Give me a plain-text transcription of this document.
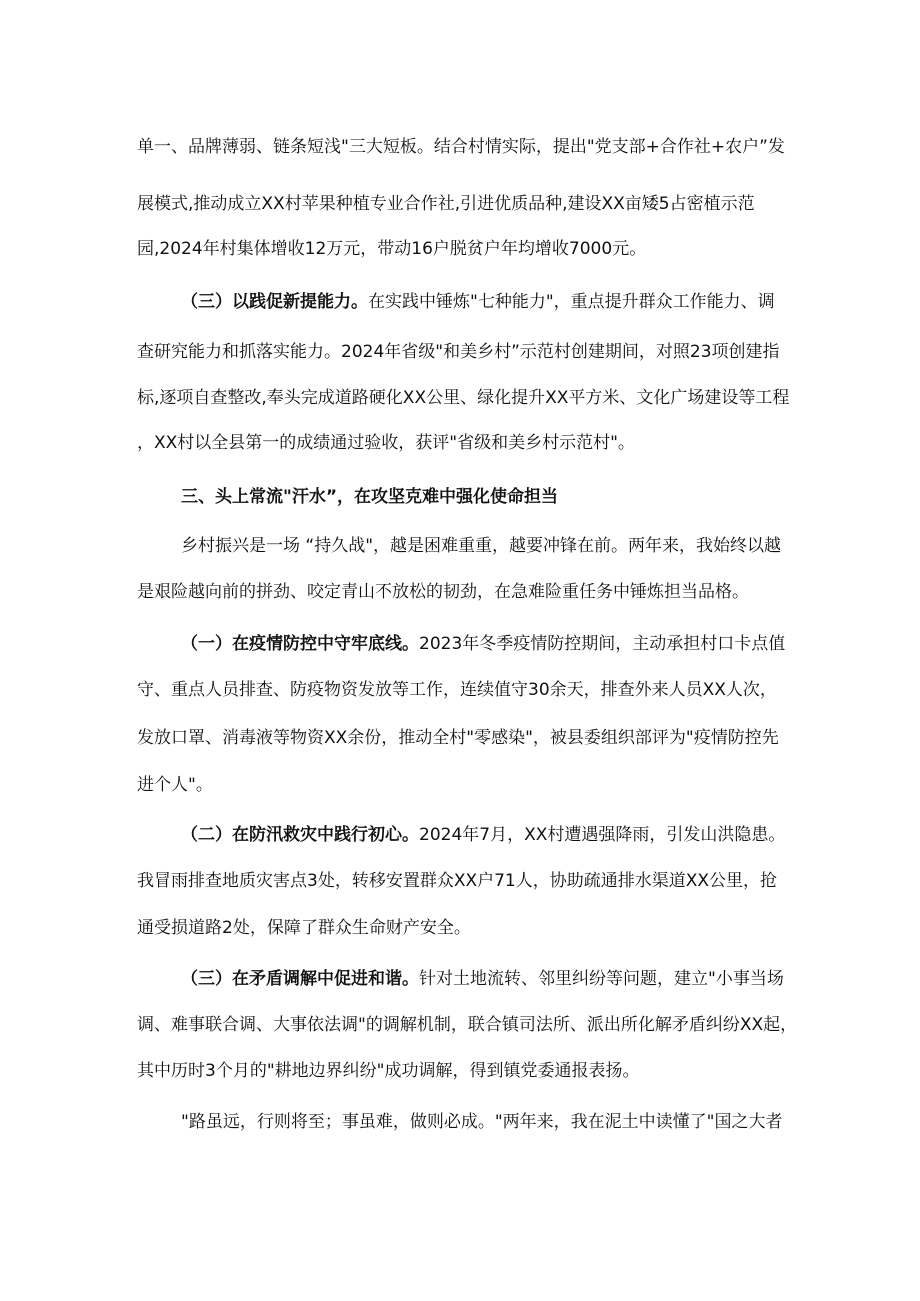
单一、品牌薄弱、链条短浅"三大短板。结合村情实际，提出"党支部+合作社+农户”发
展模式,推动成立XX村苹果种植专业合作社,引进优质品种,建设XX亩矮5占密植示范
园,2024年村集体增收12万元，带动16户脱贫户年均增收7000元。
（三）以践促新提能力。在实践中锤炼"七种能力"，重点提升群众工作能力、调
查研究能力和抓落实能力。2024年省级"和美乡村”示范村创建期间，对照23项创建指
标,逐项自查整改,奉头完成道路硬化XX公里、绿化提升XX平方米、文化广场建设等工程
，XX村以全县第一的成绩通过验收，获评"省级和美乡村示范村"。
三、头上常流"汗水”，在攻坚克难中强化使命担当
乡村振兴是一场 “持久战"，越是困难重重，越要冲锋在前。两年来，我始终以越
是艰险越向前的拼劲、咬定青山不放松的韧劲，在急难险重任务中锤炼担当品格。
（一）在疫情防控中守牢底线。2023年冬季疫情防控期间，主动承担村口卡点值
守、重点人员排查、防疫物资发放等工作，连续值守30余天，排查外来人员XX人次，
发放口罩、消毒液等物资XX余份，推动全村"零感染"，被县委组织部评为"疫情防控先
进个人"。
（二）在防汛救灾中践行初心。2024年7月，XX村遭遇强降雨，引发山洪隐患。
我冒雨排查地质灾害点3处，转移安置群众XX户71人，协助疏通排水渠道XX公里，抢
通受损道路2处，保障了群众生命财产安全。
（三）在矛盾调解中促进和谐。针对土地流转、邻里纠纷等问题，建立"小事当场
调、难事联合调、大事依法调"的调解机制，联合镇司法所、派出所化解矛盾纠纷XX起，
其中历时3个月的"耕地边界纠纷"成功调解，得到镇党委通报表扬。
"路虽远，行则将至；事虽难，做则必成。"两年来，我在泥土中读懂了"国之大者
